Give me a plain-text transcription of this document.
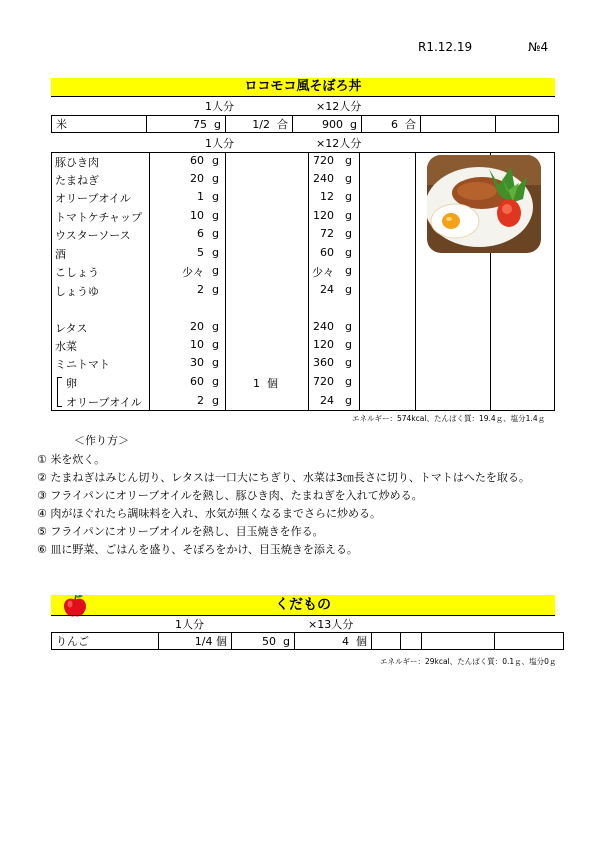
R1.12.19	№4
ロコモコ風そぼろ丼
1人分	×12人分
米	75 g	1/2 合	900 g	6 合		
1人分	×12人分
豚ひき肉	60 g	720 g
たまねぎ	20 g	240 g
オリーブオイル	1 g	12 g
トマトケチャップ	10 g	120 g
ウスターソース	6 g	72 g
酒	5 g	60 g
こしょう	少々 g	少々 g
しょうゆ	2 g	24 g
レタス	20 g	240 g
水菜	10 g	120 g
ミニトマト	30 g	360 g
卵	60 g	1 個	720 g
オリーブオイル	2 g	24 g
エネルギー：574kcal、たんぱく質：19.4ｇ、塩分1.4ｇ
＜作り方＞
① 米を炊く。
② たまねぎはみじん切り、レタスは一口大にちぎり、水菜は3㎝長さに切り、トマトはへたを取る。
③ フライパンにオリーブオイルを熱し、豚ひき肉、たまねぎを入れて炒める。
④ 肉がほぐれたら調味料を入れ、水気が無くなるまでさらに炒める。
⑤ フライパンにオリーブオイルを熱し、目玉焼きを作る。
⑥ 皿に野菜、ごはんを盛り、そぼろをかけ、目玉焼きを添える。
くだもの
1人分	×13人分
りんご	1/4 個	50 g	4 個				
エネルギー：29kcal、たんぱく質：0.1ｇ、塩分0ｇ
